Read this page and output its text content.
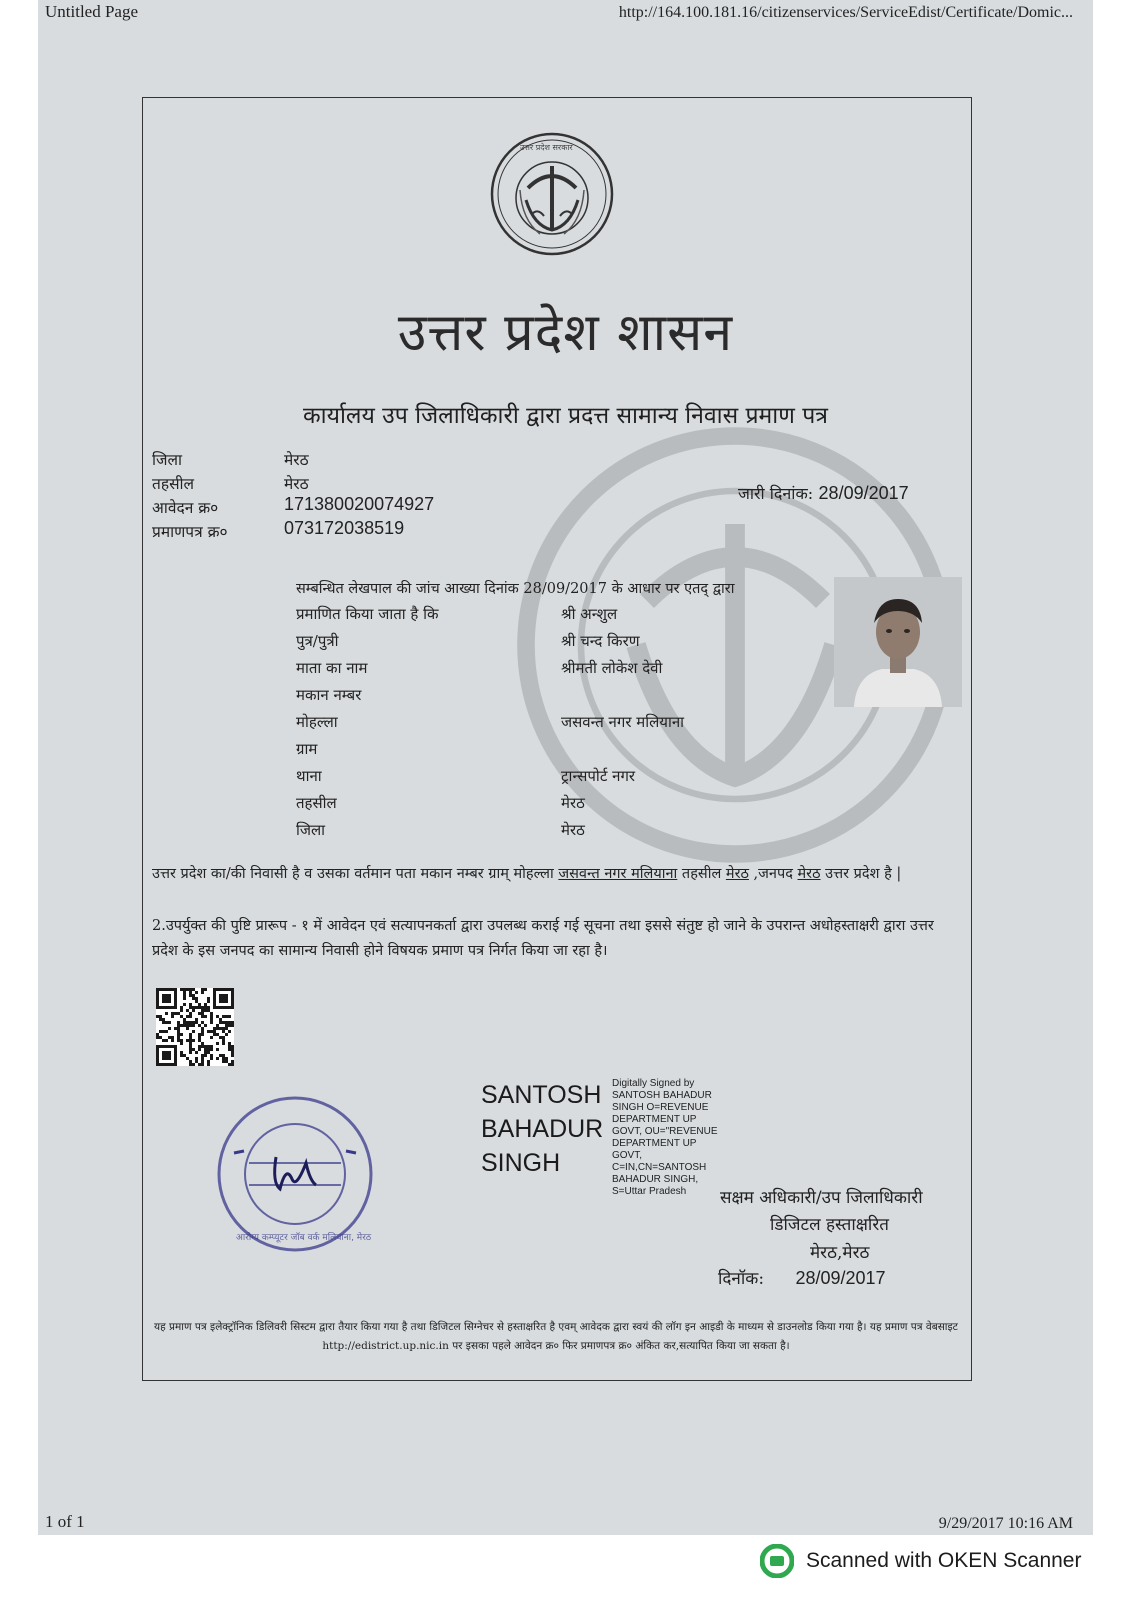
Untitled Page	http://164.100.181.16/citizenservices/ServiceEdist/Certificate/Domic...
उत्तर प्रदेश सरकार
उत्तर प्रदेश शासन
कार्यालय उप जिलाधिकारी द्वारा प्रदत्त सामान्य निवास प्रमाण पत्र
जिला	मेरठ
तहसील	मेरठ
आवेदन क्र०	171380020074927
प्रमाणपत्र क्र०	073172038519
जारी दिनांक: 28/09/2017
सम्बन्धित लेखपाल की जांच आख्या दिनांक 28/09/2017 के आधार पर एतद् द्वारा
प्रमाणित किया जाता है कि	श्री अन्शुल
पुत्र/पुत्री	श्री चन्द किरण
माता का नाम	श्रीमती लोकेश देवी
मकान नम्बर
मोहल्ला	जसवन्त नगर मलियाना
ग्राम
थाना	ट्रान्सपोर्ट नगर
तहसील	मेरठ
जिला	मेरठ
उत्तर प्रदेश का/की निवासी है व उसका वर्तमान पता मकान नम्बर ग्राम् मोहल्ला जसवन्त नगर मलियाना तहसील मेरठ ,जनपद मेरठ उत्तर प्रदेश है |
2.उपर्युक्त की पुष्टि प्रारूप - १ में आवेदन एवं सत्यापनकर्ता द्वारा उपलब्ध कराई गई सूचना तथा इससे संतुष्ट हो जाने के उपरान्त अधोहस्ताक्षरी द्वारा उत्तर प्रदेश के इस जनपद का सामान्य निवासी होने विषयक प्रमाण पत्र निर्गत किया जा रहा है।
आरोग्य कम्प्यूटर जॉब वर्क मलियाना, मेरठ
SANTOSH
BAHADUR
SINGH
Digitally Signed by SANTOSH BAHADUR SINGH O=REVENUE DEPARTMENT UP GOVT, OU="REVENUE DEPARTMENT UP GOVT, C=IN,CN=SANTOSH BAHADUR SINGH, S=Uttar Pradesh	सक्षम अधिकारी/उप जिलाधिकारी
डिजिटल हस्ताक्षरित
मेरठ,मेरठ
दिनॉक: 28/09/2017
यह प्रमाण पत्र इलेक्ट्रॉनिक डिलिवरी सिस्टम द्वारा तैयार किया गया है तथा डिजिटल सिग्नेचर से हस्ताक्षरित है एवम् आवेदक द्वारा स्वयं की लॉग इन आइडी के माध्यम से डाउनलोड किया गया है। यह प्रमाण पत्र वेबसाइट http://edistrict.up.nic.in पर इसका पहले आवेदन क्र० फिर प्रमाणपत्र क्र० अंकित कर,सत्यापित किया जा सकता है।
1 of 1	9/29/2017 10:16 AM
Scanned with OKEN Scanner
